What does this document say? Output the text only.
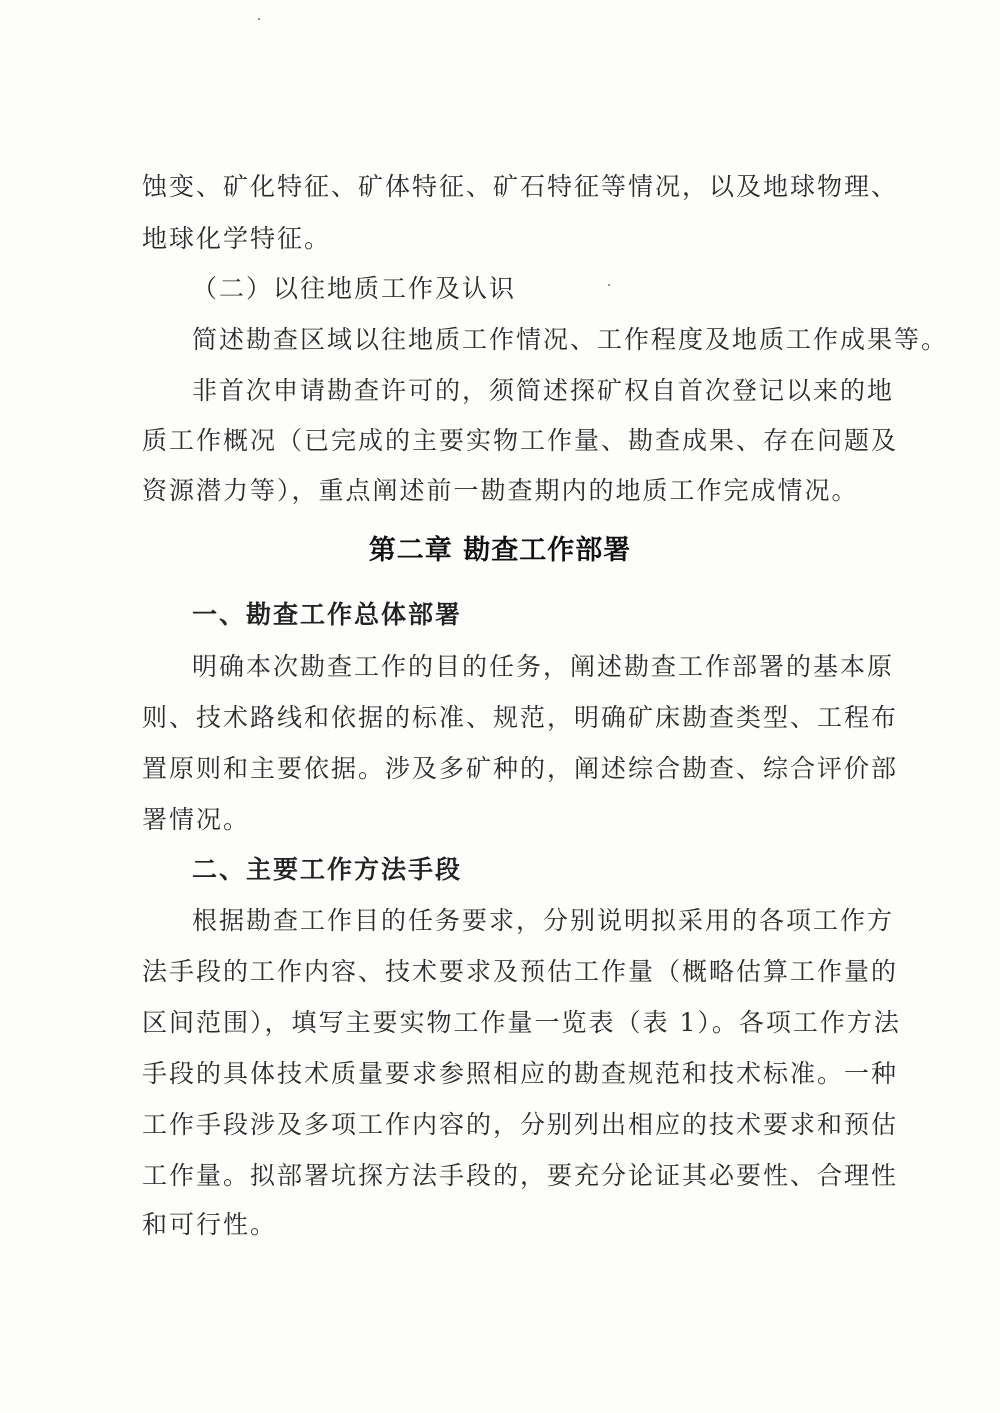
蚀变、矿化特征、矿体特征、矿石特征等情况，以及地球物理、
地球化学特征。
（二）以往地质工作及认识
简述勘查区域以往地质工作情况、工作程度及地质工作成果等。
非首次申请勘查许可的，须简述探矿权自首次登记以来的地
质工作概况（已完成的主要实物工作量、勘查成果、存在问题及
资源潜力等），重点阐述前一勘查期内的地质工作完成情况。
第二章 勘查工作部署
一、勘查工作总体部署
明确本次勘查工作的目的任务，阐述勘查工作部署的基本原
则、技术路线和依据的标准、规范，明确矿床勘查类型、工程布
置原则和主要依据。涉及多矿种的，阐述综合勘查、综合评价部
署情况。
二、主要工作方法手段
根据勘查工作目的任务要求，分别说明拟采用的各项工作方
法手段的工作内容、技术要求及预估工作量（概略估算工作量的
区间范围），填写主要实物工作量一览表（表 1）。各项工作方法
手段的具体技术质量要求参照相应的勘查规范和技术标准。一种
工作手段涉及多项工作内容的，分别列出相应的技术要求和预估
工作量。拟部署坑探方法手段的，要充分论证其必要性、合理性
和可行性。
